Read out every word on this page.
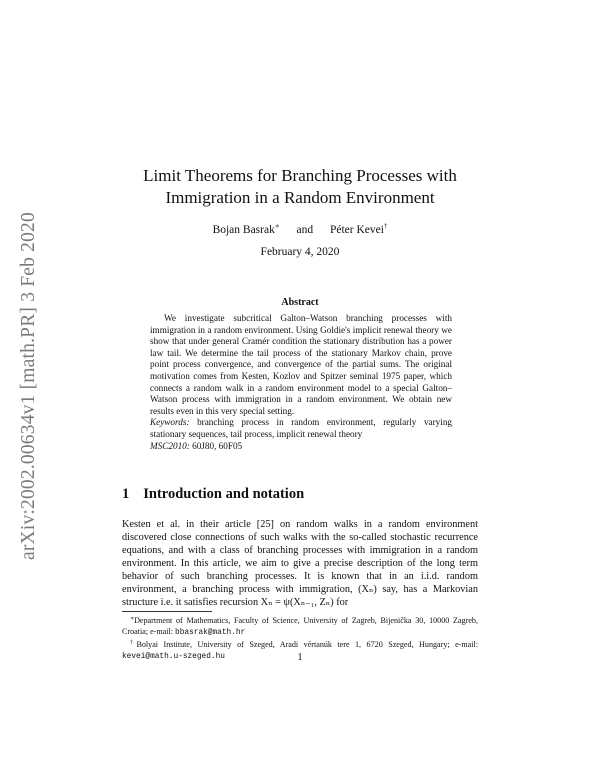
arXiv:2002.00634v1 [math.PR] 3 Feb 2020
Limit Theorems for Branching Processes with
Immigration in a Random Environment
Bojan Basrak∗ and Péter Kevei†
February 4, 2020
Abstract

We investigate subcritical Galton–Watson branching processes with immigration in a random environment. Using Goldie's implicit renewal theory we show that under general Cramér condition the stationary distribution has a power law tail. We determine the tail process of the stationary Markov chain, prove point process convergence, and convergence of the partial sums. The original motivation comes from Kesten, Kozlov and Spitzer seminal 1975 paper, which connects a random walk in a random environment model to a special Galton–Watson process with immigration in a random environment. We obtain new results even in this very special setting.

Keywords: branching process in random environment, regularly varying stationary sequences, tail process, implicit renewal theory

MSC2010: 60J80, 60F05

1 Introduction and notation

Kesten et al. in their article [25] on random walks in a random environment discovered close connections of such walks with the so-called stochastic recurrence equations, and with a class of branching processes with immigration in a random environment. In this article, we aim to give a precise description of the long term behavior of such branching processes. It is known that in an i.i.d. random environment, a branching process with immigration, (Xₙ) say, has a Markovian structure i.e. it satisfies recursion Xₙ = ψ(Xₙ₋₁, Zₙ) for

∗Department of Mathematics, Faculty of Science, University of Zagreb, Bijenička 30, 10000 Zagreb, Croatia; e-mail: bbasrak@math.hr

†Bolyai Institute, University of Szeged, Aradi vértanúk tere 1, 6720 Szeged, Hungary; e-mail: kevei@math.u-szeged.hu	1
